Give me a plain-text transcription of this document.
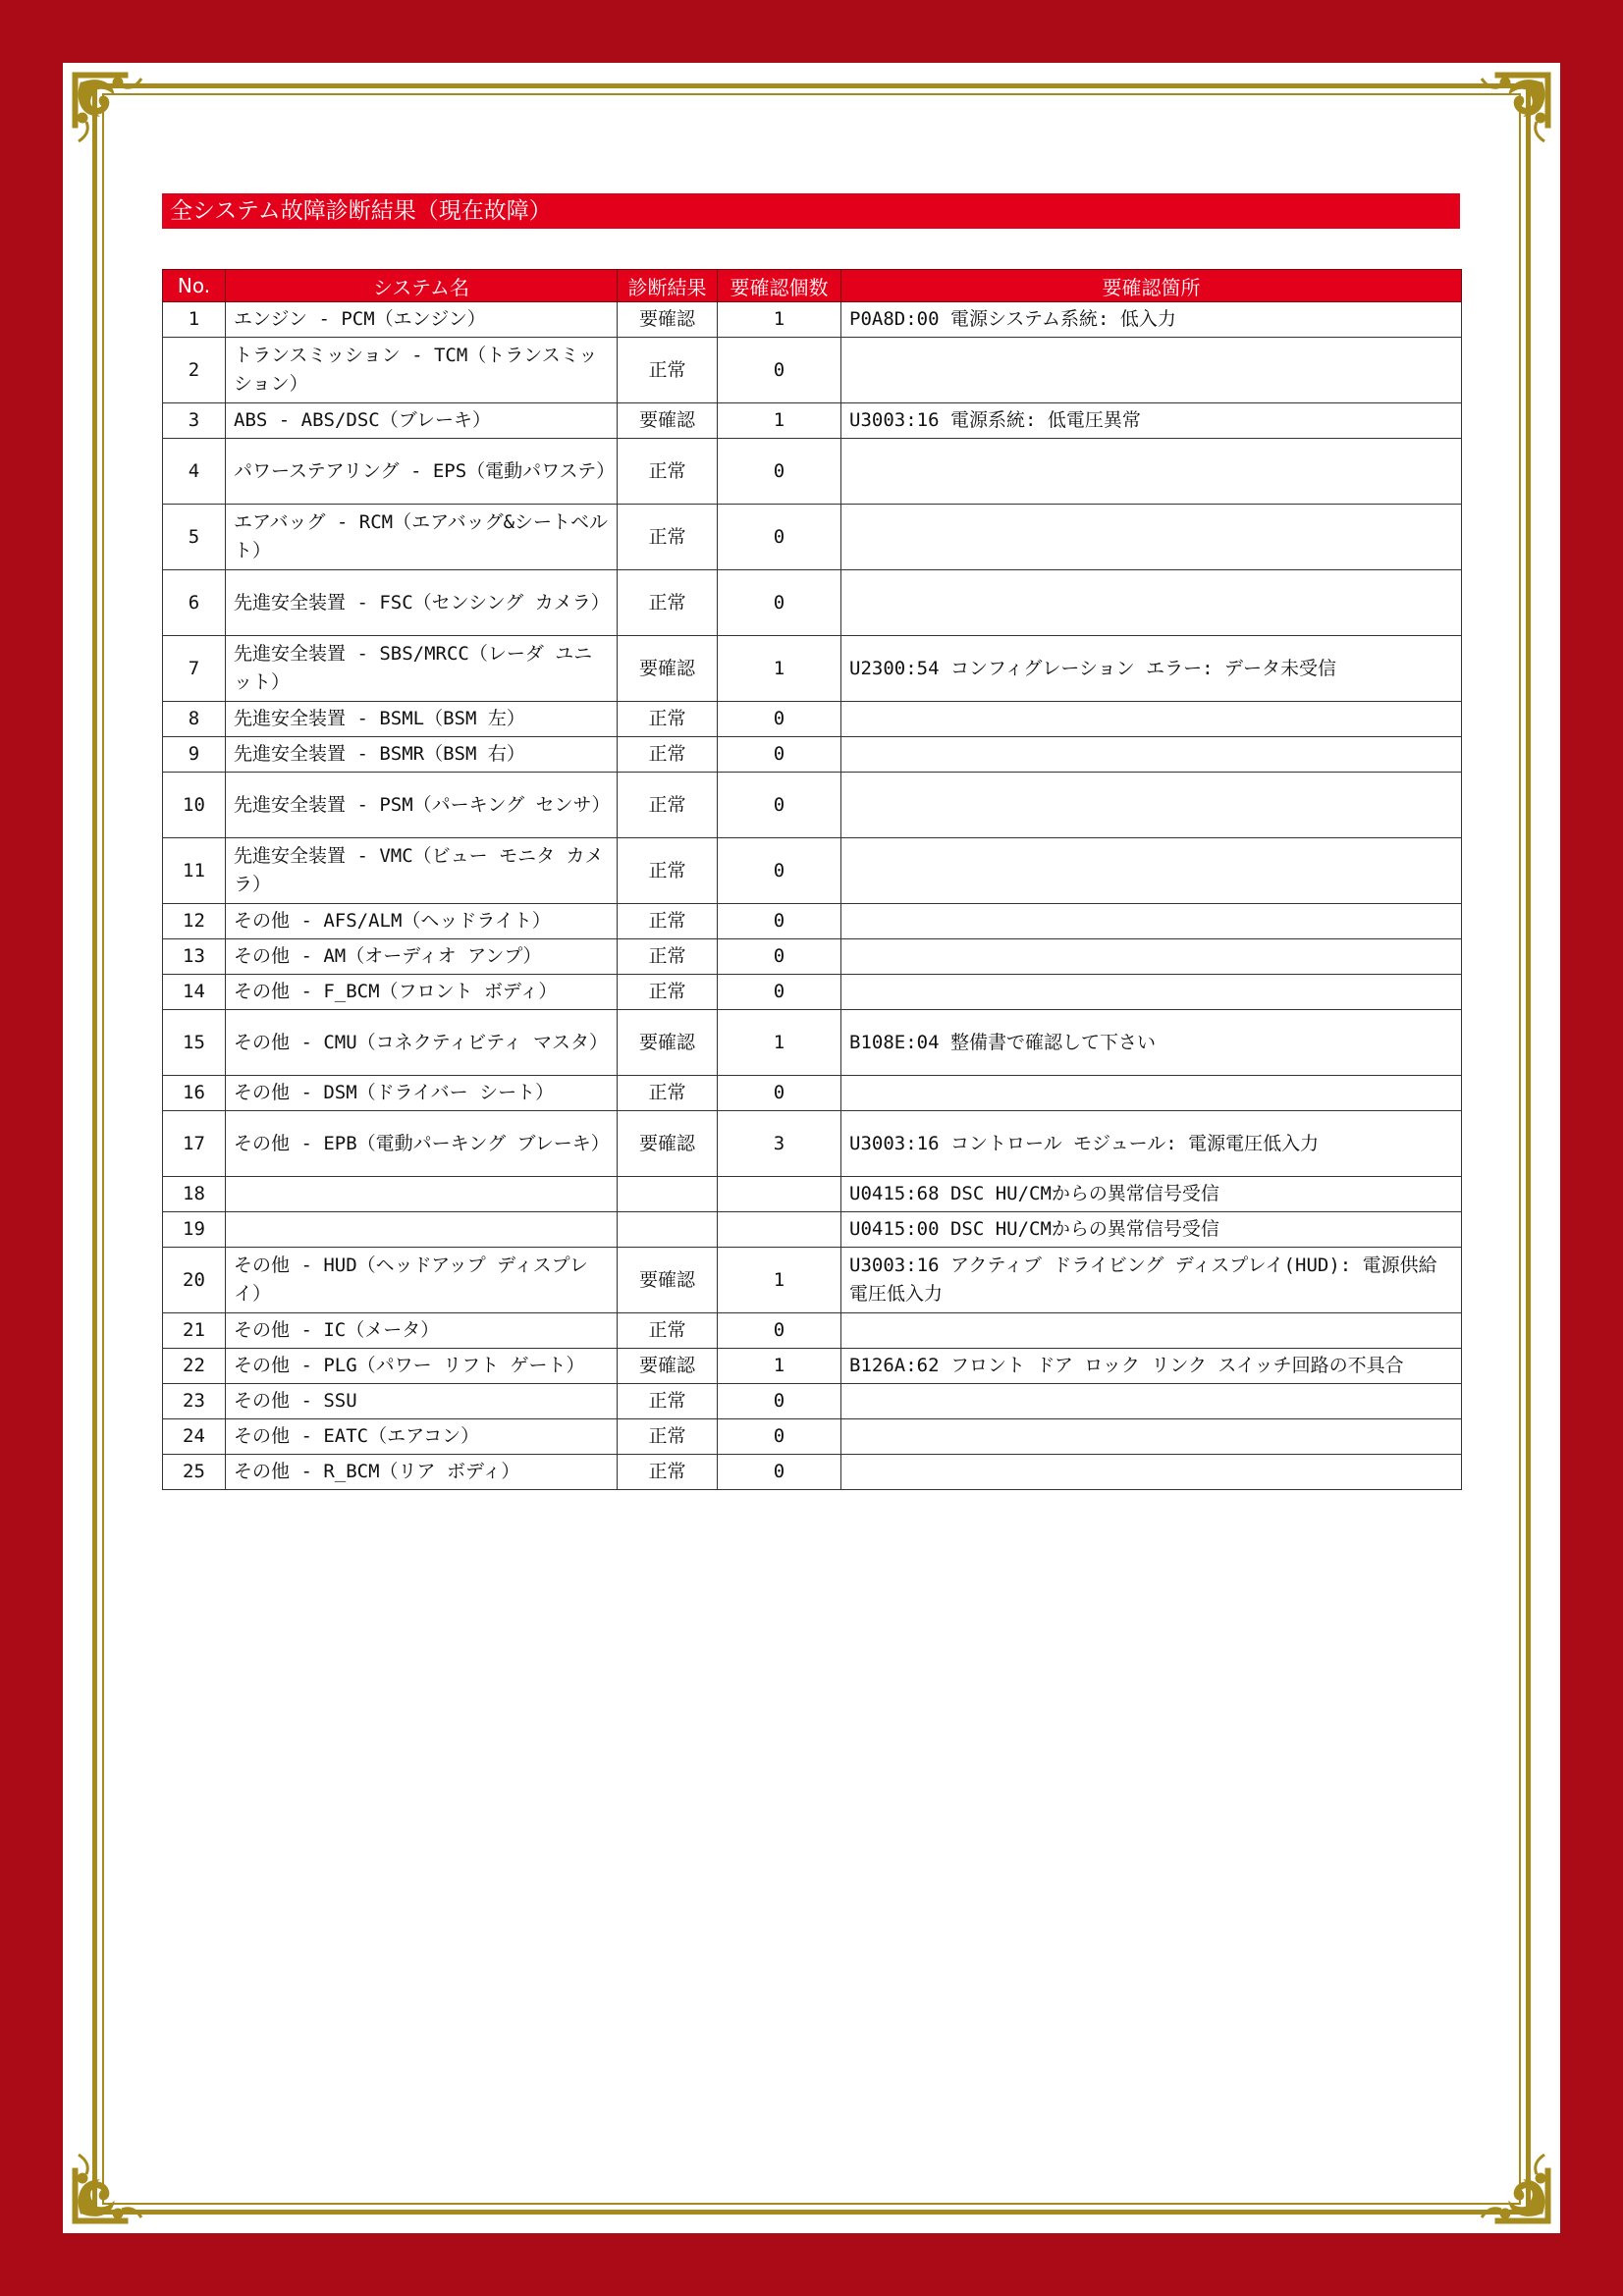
全システム故障診断結果（現在故障）
No.	システム名	診断結果	要確認個数	要確認箇所
1	エンジン - PCM（エンジン）	要確認	1	P0A8D:00 電源システム系統: 低入力
2	トランスミッション - TCM（トランスミッション）	正常	0	
3	ABS - ABS/DSC（ブレーキ）	要確認	1	U3003:16 電源系統: 低電圧異常
4	パワーステアリング - EPS（電動パワステ）	正常	0	
5	エアバッグ - RCM（エアバッグ&シートベルト）	正常	0	
6	先進安全装置 - FSC（センシング カメラ）	正常	0	
7	先進安全装置 - SBS/MRCC（レーダ ユニット）	要確認	1	U2300:54 コンフィグレーション エラー: データ未受信
8	先進安全装置 - BSML（BSM 左）	正常	0	
9	先進安全装置 - BSMR（BSM 右）	正常	0	
10	先進安全装置 - PSM（パーキング センサ）	正常	0	
11	先進安全装置 - VMC（ビュー モニタ カメラ）	正常	0	
12	その他 - AFS/ALM（ヘッドライト）	正常	0	
13	その他 - AM（オーディオ アンプ）	正常	0	
14	その他 - F_BCM（フロント ボディ）	正常	0	
15	その他 - CMU（コネクティビティ マスタ）	要確認	1	B108E:04 整備書で確認して下さい
16	その他 - DSM（ドライバー シート）	正常	0	
17	その他 - EPB（電動パーキング ブレーキ）	要確認	3	U3003:16 コントロール モジュール: 電源電圧低入力
18				U0415:68 DSC HU/CMからの異常信号受信
19				U0415:00 DSC HU/CMからの異常信号受信
20	その他 - HUD（ヘッドアップ ディスプレイ）	要確認	1	U3003:16 アクティブ ドライビング ディスプレイ(HUD): 電源供給電圧低入力
21	その他 - IC（メータ）	正常	0	
22	その他 - PLG（パワー リフト ゲート）	要確認	1	B126A:62 フロント ドア ロック リンク スイッチ回路の不具合
23	その他 - SSU	正常	0	
24	その他 - EATC（エアコン）	正常	0	
25	その他 - R_BCM（リア ボディ）	正常	0	
